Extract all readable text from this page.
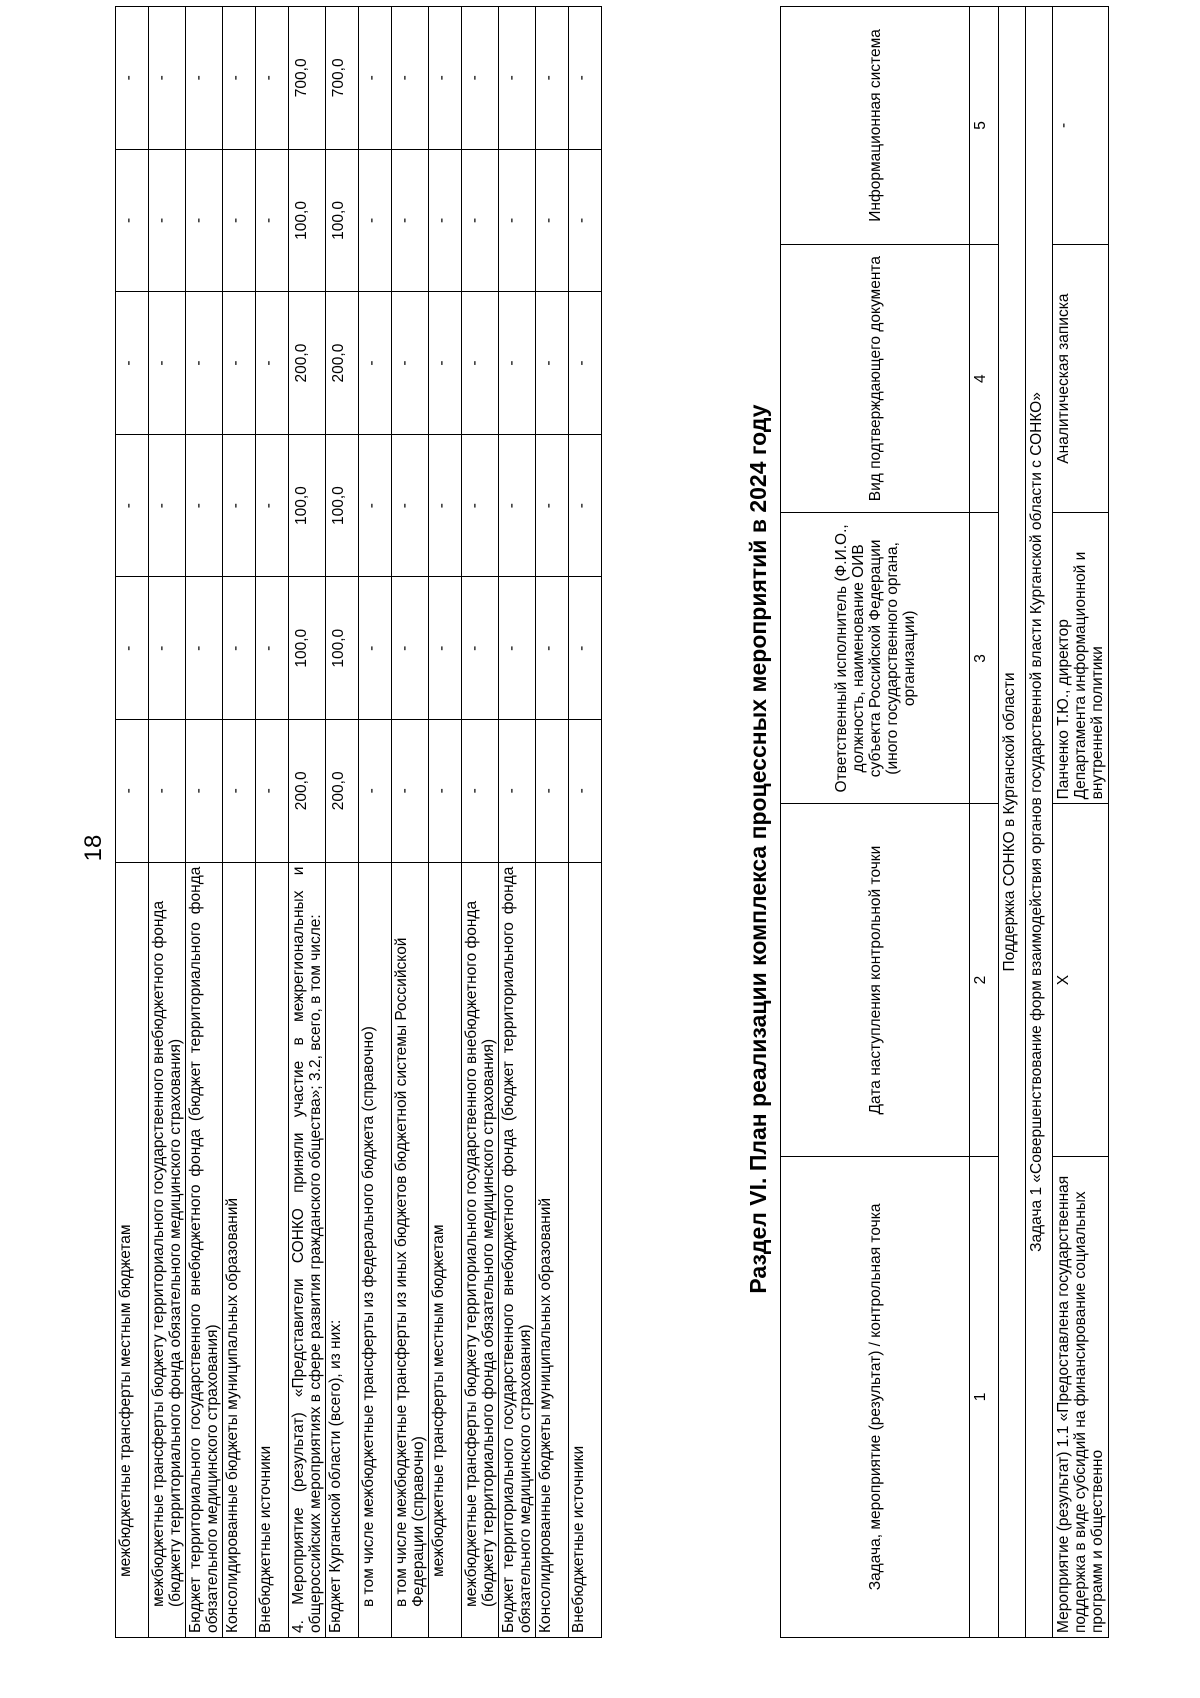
18
межбюджетные трансферты местным бюджетам	-	-	-	-	-	-
межбюджетные трансферты бюджету территориального государственного внебюджетного фонда (бюджету территориального фонда обязательного медицинского страхования)	-	-	-	-	-	-
Бюджет территориального государственного внебюджетного фонда (бюджет территориального фонда обязательного медицинского страхования)	-	-	-	-	-	-
Консолидированные бюджеты муниципальных образований	-	-	-	-	-	-
Внебюджетные источники	-	-	-	-	-	-
4. Мероприятие (результат) «Представители СОНКО приняли участие в межрегиональных и общероссийских мероприятиях в сфере развития гражданского общества»; 3.2, всего, в том числе:	200,0	100,0	100,0	200,0	100,0	700,0
Бюджет Курганской области (всего), из них:	200,0	100,0	100,0	200,0	100,0	700,0
в том числе межбюджетные трансферты из федерального бюджета (справочно)	-	-	-	-	-	-
в том числе межбюджетные трансферты из иных бюджетов бюджетной системы Российской Федерации (справочно)	-	-	-	-	-	-
межбюджетные трансферты местным бюджетам	-	-	-	-	-	-
межбюджетные трансферты бюджету территориального государственного внебюджетного фонда (бюджету территориального фонда обязательного медицинского страхования)	-	-	-	-	-	-
Бюджет территориального государственного внебюджетного фонда (бюджет территориального фонда обязательного медицинского страхования)	-	-	-	-	-	-
Консолидированные бюджеты муниципальных образований	-	-	-	-	-	-
Внебюджетные источники	-	-	-	-	-	-
Раздел VI. План реализации комплекса процессных мероприятий в 2024 году
Задача, мероприятие (результат) / контрольная точка	Дата наступления контрольной точки	Ответственный исполнитель (Ф.И.О., должность, наименование ОИВ субъекта Российской Федерации (иного государственного органа, организации)	Вид подтверждающего документа	Информационная система
1	2	3	4	5
Поддержка СОНКО в Курганской области				
Задача 1 «Совершенствование форм взаимодействия органов государственной власти Курганской области с СОНКО»				
Мероприятие (результат) 1.1 «Предоставлена государственная поддержка в виде субсидий на финансирование социальных программ и общественно	X	Панченко Т.Ю., директор Департамента информационной и внутренней политики	Аналитическая записка	-
